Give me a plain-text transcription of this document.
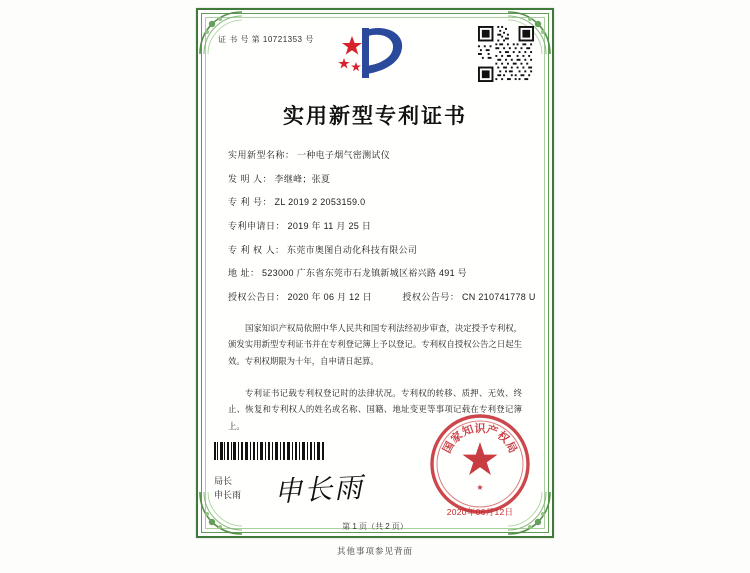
证 书 号 第 10721353 号
实用新型专利证书
实用新型名称： 一种电子烟气密测试仪
发 明 人： 李继峰；张夏
专 利 号： ZL 2019 2 2053159.0
专利申请日： 2019 年 11 月 25 日
专 利 权 人： 东莞市奥图自动化科技有限公司
地 址： 523000 广东省东莞市石龙镇新城区裕兴路 491 号
授权公告日： 2020 年 06 月 12 日	授权公告号： CN 210741778 U
国家知识产权局依照中华人民共和国专利法经初步审查，决定授予专利权，颁发实用新型专利证书并在专利登记簿上予以登记。专利权自授权公告之日起生效。专利权期限为十年，自申请日起算。
专利证书记载专利权登记时的法律状况。专利权的转移、质押、无效、终止、恢复和专利权人的姓名或名称、国籍、地址变更等事项记载在专利登记簿上。
局长
申长雨 申长雨
国
家
知 识 产
权
局
★
2020年06月12日
第 1 页（共 2 页）
其他事项参见背面
